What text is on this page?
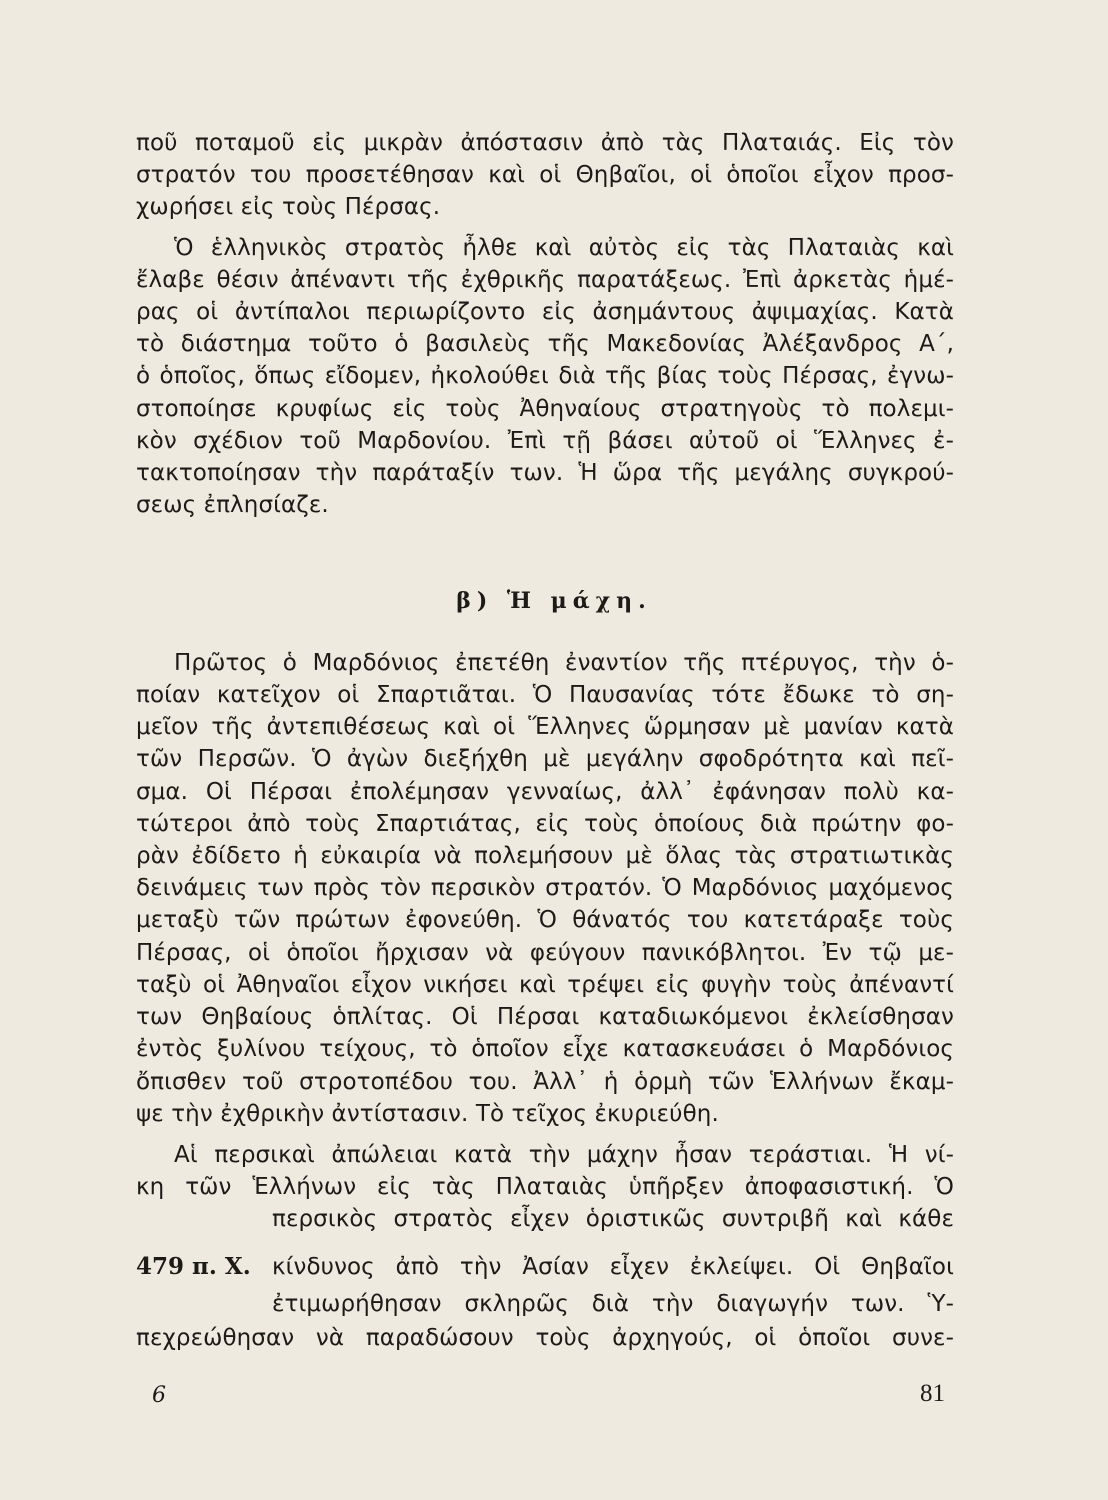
ποῦ ποταμοῦ εἰς μικρὰν ἀπόστασιν ἀπὸ τὰς Πλαταιάς. Εἰς τὸν
στρατόν του προσετέθησαν καὶ οἱ Θηβαῖοι, οἱ ὁποῖοι εἶχον προσ-
χωρήσει εἰς τοὺς Πέρσας.
Ὁ ἑλληνικὸς στρατὸς ἦλθε καὶ αὐτὸς εἰς τὰς Πλαταιὰς καὶ
ἔλαβε θέσιν ἀπέναντι τῆς ἐχθρικῆς παρατάξεως. Ἐπὶ ἀρκετὰς ἡμέ-
ρας οἱ ἀντίπαλοι περιωρίζοντο εἰς ἀσημάντους ἀψιμαχίας. Κατὰ
τὸ διάστημα τοῦτο ὁ βασιλεὺς τῆς Μακεδονίας Ἀλέξανδρος Α΄,
ὁ ὁποῖος, ὅπως εἴδομεν, ἠκολούθει διὰ τῆς βίας τοὺς Πέρσας, ἐγνω-
στοποίησε κρυφίως εἰς τοὺς Ἀθηναίους στρατηγοὺς τὸ πολεμι-
κὸν σχέδιον τοῦ Μαρδονίου. Ἐπὶ τῇ βάσει αὐτοῦ οἱ Ἕλληνες ἐ-
τακτοποίησαν τὴν παράταξίν των. Ἡ ὥρα τῆς μεγάλης συγκρού-
σεως ἐπλησίαζε.
β) Ἡ μάχη.
Πρῶτος ὁ Μαρδόνιος ἐπετέθη ἐναντίον τῆς πτέρυγος, τὴν ὁ-
ποίαν κατεῖχον οἱ Σπαρτιᾶται. Ὁ Παυσανίας τότε ἔδωκε τὸ ση-
μεῖον τῆς ἀντεπιθέσεως καὶ οἱ Ἕλληνες ὥρμησαν μὲ μανίαν κατὰ
τῶν Περσῶν. Ὁ ἀγὼν διεξήχθη μὲ μεγάλην σφοδρότητα καὶ πεῖ-
σμα. Οἱ Πέρσαι ἐπολέμησαν γενναίως, ἀλλ᾽ ἐφάνησαν πολὺ κα-
τώτεροι ἀπὸ τοὺς Σπαρτιάτας, εἰς τοὺς ὁποίους διὰ πρώτην φο-
ρὰν ἐδίδετο ἡ εὐκαιρία νὰ πολεμήσουν μὲ ὅλας τὰς στρατιωτικὰς
δεινάμεις των πρὸς τὸν περσικὸν στρατόν. Ὁ Μαρδόνιος μαχόμενος
μεταξὺ τῶν πρώτων ἐφονεύθη. Ὁ θάνατός του κατετάραξε τοὺς
Πέρσας, οἱ ὁποῖοι ἤρχισαν νὰ φεύγουν πανικόβλητοι. Ἐν τῷ με-
ταξὺ οἱ Ἀθηναῖοι εἶχον νικήσει καὶ τρέψει εἰς φυγὴν τοὺς ἀπέναντί
των Θηβαίους ὁπλίτας. Οἱ Πέρσαι καταδιωκόμενοι ἐκλείσθησαν
ἐντὸς ξυλίνου τείχους, τὸ ὁποῖον εἶχε κατασκευάσει ὁ Μαρδόνιος
ὄπισθεν τοῦ στροτοπέδου του. Ἀλλ᾽ ἡ ὁρμὴ τῶν Ἑλλήνων ἔκαμ-
ψε τὴν ἐχθρικὴν ἀντίστασιν. Τὸ τεῖχος ἐκυριεύθη.
Αἱ περσικαὶ ἀπώλειαι κατὰ τὴν μάχην ἦσαν τεράστιαι. Ἡ νί-
κη τῶν Ἑλλήνων εἰς τὰς Πλαταιὰς ὑπῆρξεν ἀποφασιστική. Ὁ
περσικὸς στρατὸς εἶχεν ὁριστικῶς συντριβῆ καὶ κάθε
479 π. Χ. κίνδυνος ἀπὸ τὴν Ἀσίαν εἶχεν ἐκλείψει. Οἱ Θηβαῖοι
ἐτιμωρήθησαν σκληρῶς διὰ τὴν διαγωγήν των. Ὑ-
πεχρεώθησαν νὰ παραδώσουν τοὺς ἀρχηγούς, οἱ ὁποῖοι συνε-
6	81
